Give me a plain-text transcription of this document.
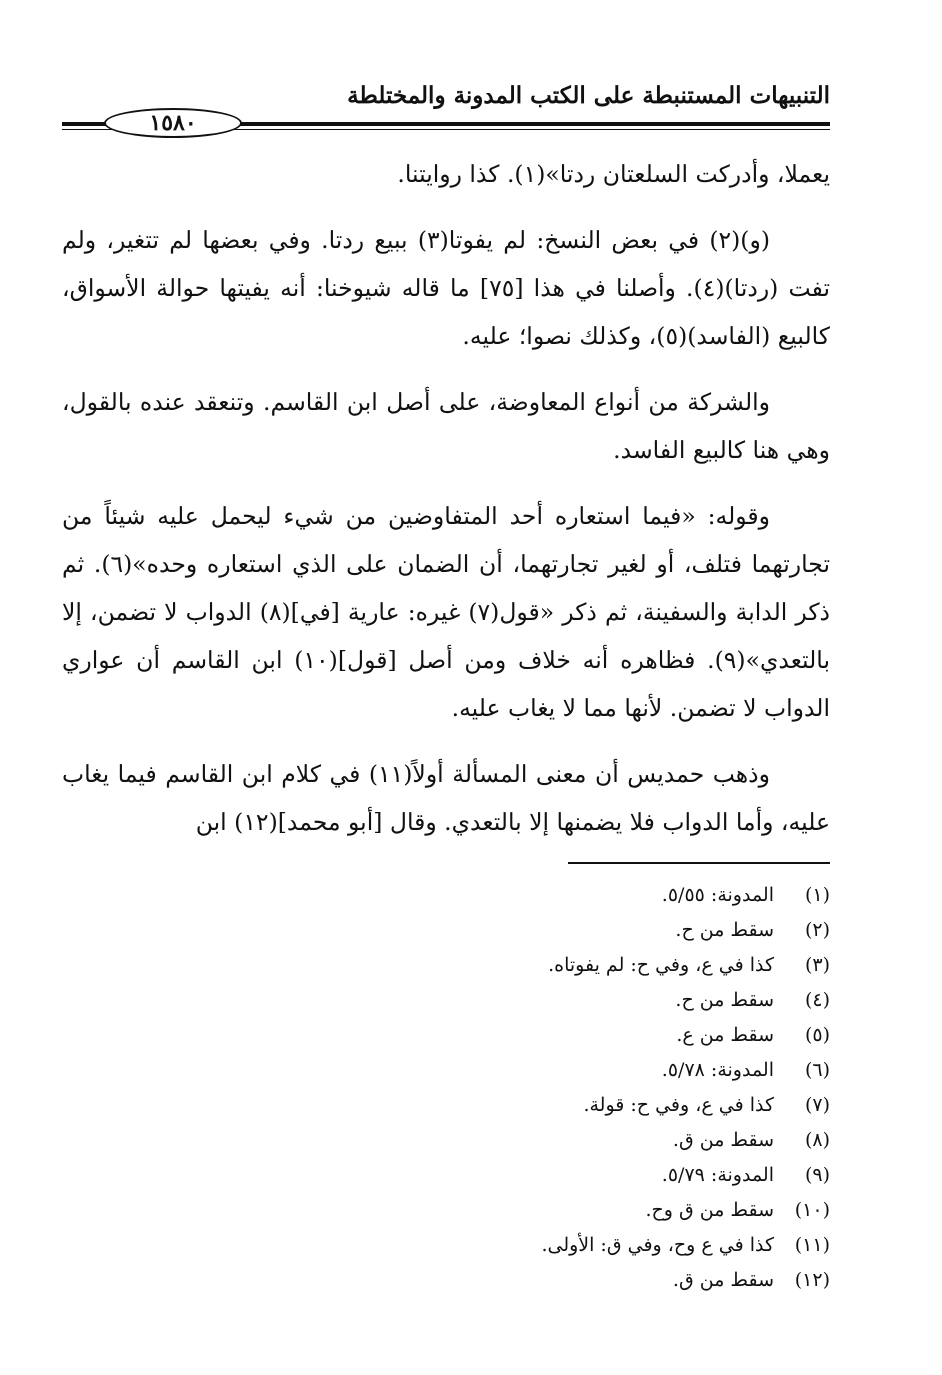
التنبيهات المستنبطة على الكتب المدونة والمختلطة
١٥٨٠

يعملا، وأدركت السلعتان ردتا»(١). كذا روايتنا.

(و)(٢) في بعض النسخ: لم يفوتا(٣) ببيع ردتا. وفي بعضها لم تتغير، ولم تفت (ردتا)(٤). وأصلنا في هذا [٧٥] ما قاله شيوخنا: أنه يفيتها حوالة الأسواق، كالبيع (الفاسد)(٥)، وكذلك نصوا؛ عليه.

والشركة من أنواع المعاوضة، على أصل ابن القاسم. وتنعقد عنده بالقول، وهي هنا كالبيع الفاسد.

وقوله: «فيما استعاره أحد المتفاوضين من شيء ليحمل عليه شيئاً من تجارتهما فتلف، أو لغير تجارتهما، أن الضمان على الذي استعاره وحده»(٦). ثم ذكر الدابة والسفينة، ثم ذكر «قول(٧) غيره: عارية [في](٨) الدواب لا تضمن، إلا بالتعدي»(٩). فظاهره أنه خلاف ومن أصل [قول](١٠) ابن القاسم أن عواري الدواب لا تضمن. لأنها مما لا يغاب عليه.

وذهب حمديس أن معنى المسألة أولاً(١١) في كلام ابن القاسم فيما يغاب عليه، وأما الدواب فلا يضمنها إلا بالتعدي. وقال [أبو محمد](١٢) ابن

(١)
المدونة: ٥/٥٥.
(٢)
سقط من ح.
(٣)
كذا في ع، وفي ح: لم يفوتاه.
(٤)
سقط من ح.
(٥)
سقط من ع.
(٦)
المدونة: ٥/٧٨.
(٧)
كذا في ع، وفي ح: قولة.
(٨)
سقط من ق.
(٩)
المدونة: ٥/٧٩.
(١٠)
سقط من ق وح.
(١١)
كذا في ع وح، وفي ق: الأولى.
(١٢)
سقط من ق.
